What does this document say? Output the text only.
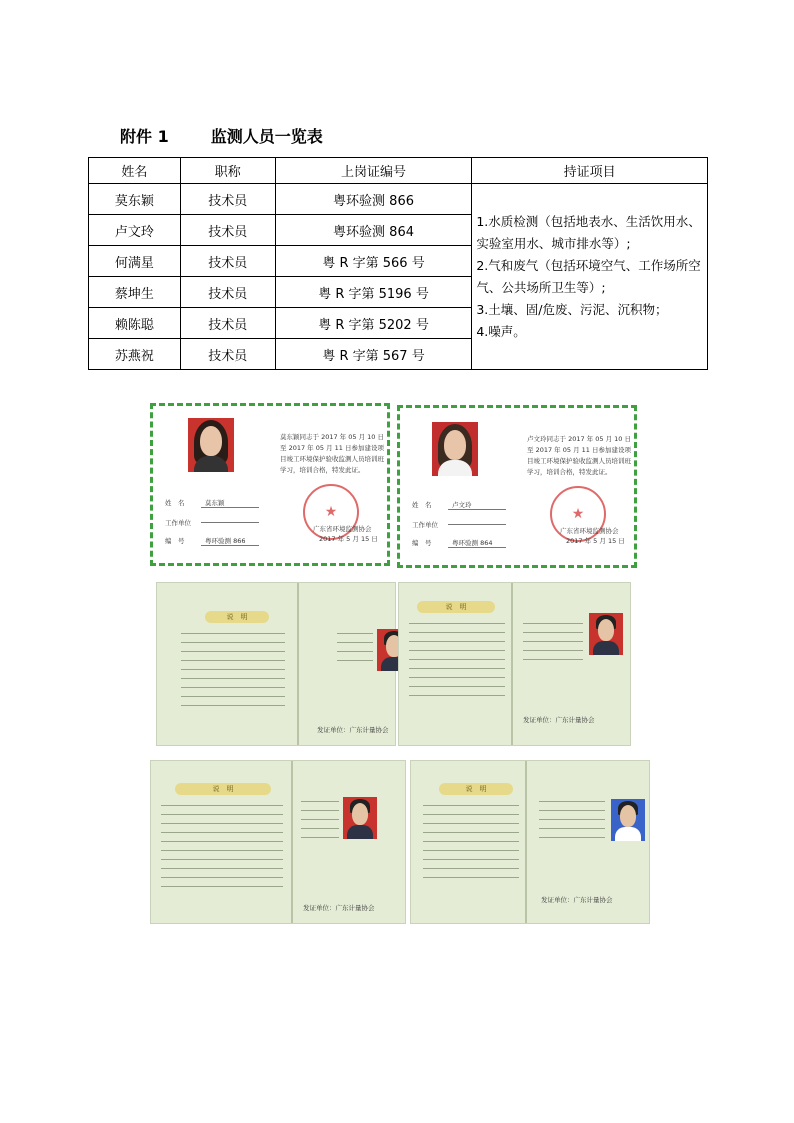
附件 1	监测人员一览表
姓名	职称	上岗证编号	持证项目
莫东颖	技术员	粤环验测 866	1.水质检测（包括地表水、生活饮用水、实验室用水、城市排水等）;
2.气和废气（包括环境空气、工作场所空气、公共场所卫生等）;
3.土壤、固/危废、污泥、沉积物；
4.噪声。

卢文玲	技术员	粤环验测 864	
何满星	技术员	粤 R 字第 566 号	
蔡坤生	技术员	粤 R 字第 5196 号	
赖陈聪	技术员	粤 R 字第 5202 号	
苏燕祝	技术员	粤 R 字第 567 号	
莫东颖同志于 2017 年 05 月 10 日至 2017 年 05 月 11 日参加建设项目竣工环境保护验收监测人员培训班学习，培训合格，特发此证。
★
广东省环境监测协会
2017 年 5 月 15 日
姓　名	莫东颖
工作单位
编　号	粤环验测 866
卢文玲同志于 2017 年 05 月 10 日至 2017 年 05 月 11 日参加建设项目竣工环境保护验收监测人员培训班学习，培训合格，特发此证。
★
广东省环境监测协会
2017 年 5 月 15 日
姓　名	卢文玲
工作单位
编　号	粤环验测 864
说　明
发证单位：广东计量协会
说　明
发证单位：广东计量协会
说　明
发证单位：广东计量协会
说　明
发证单位：广东计量协会
